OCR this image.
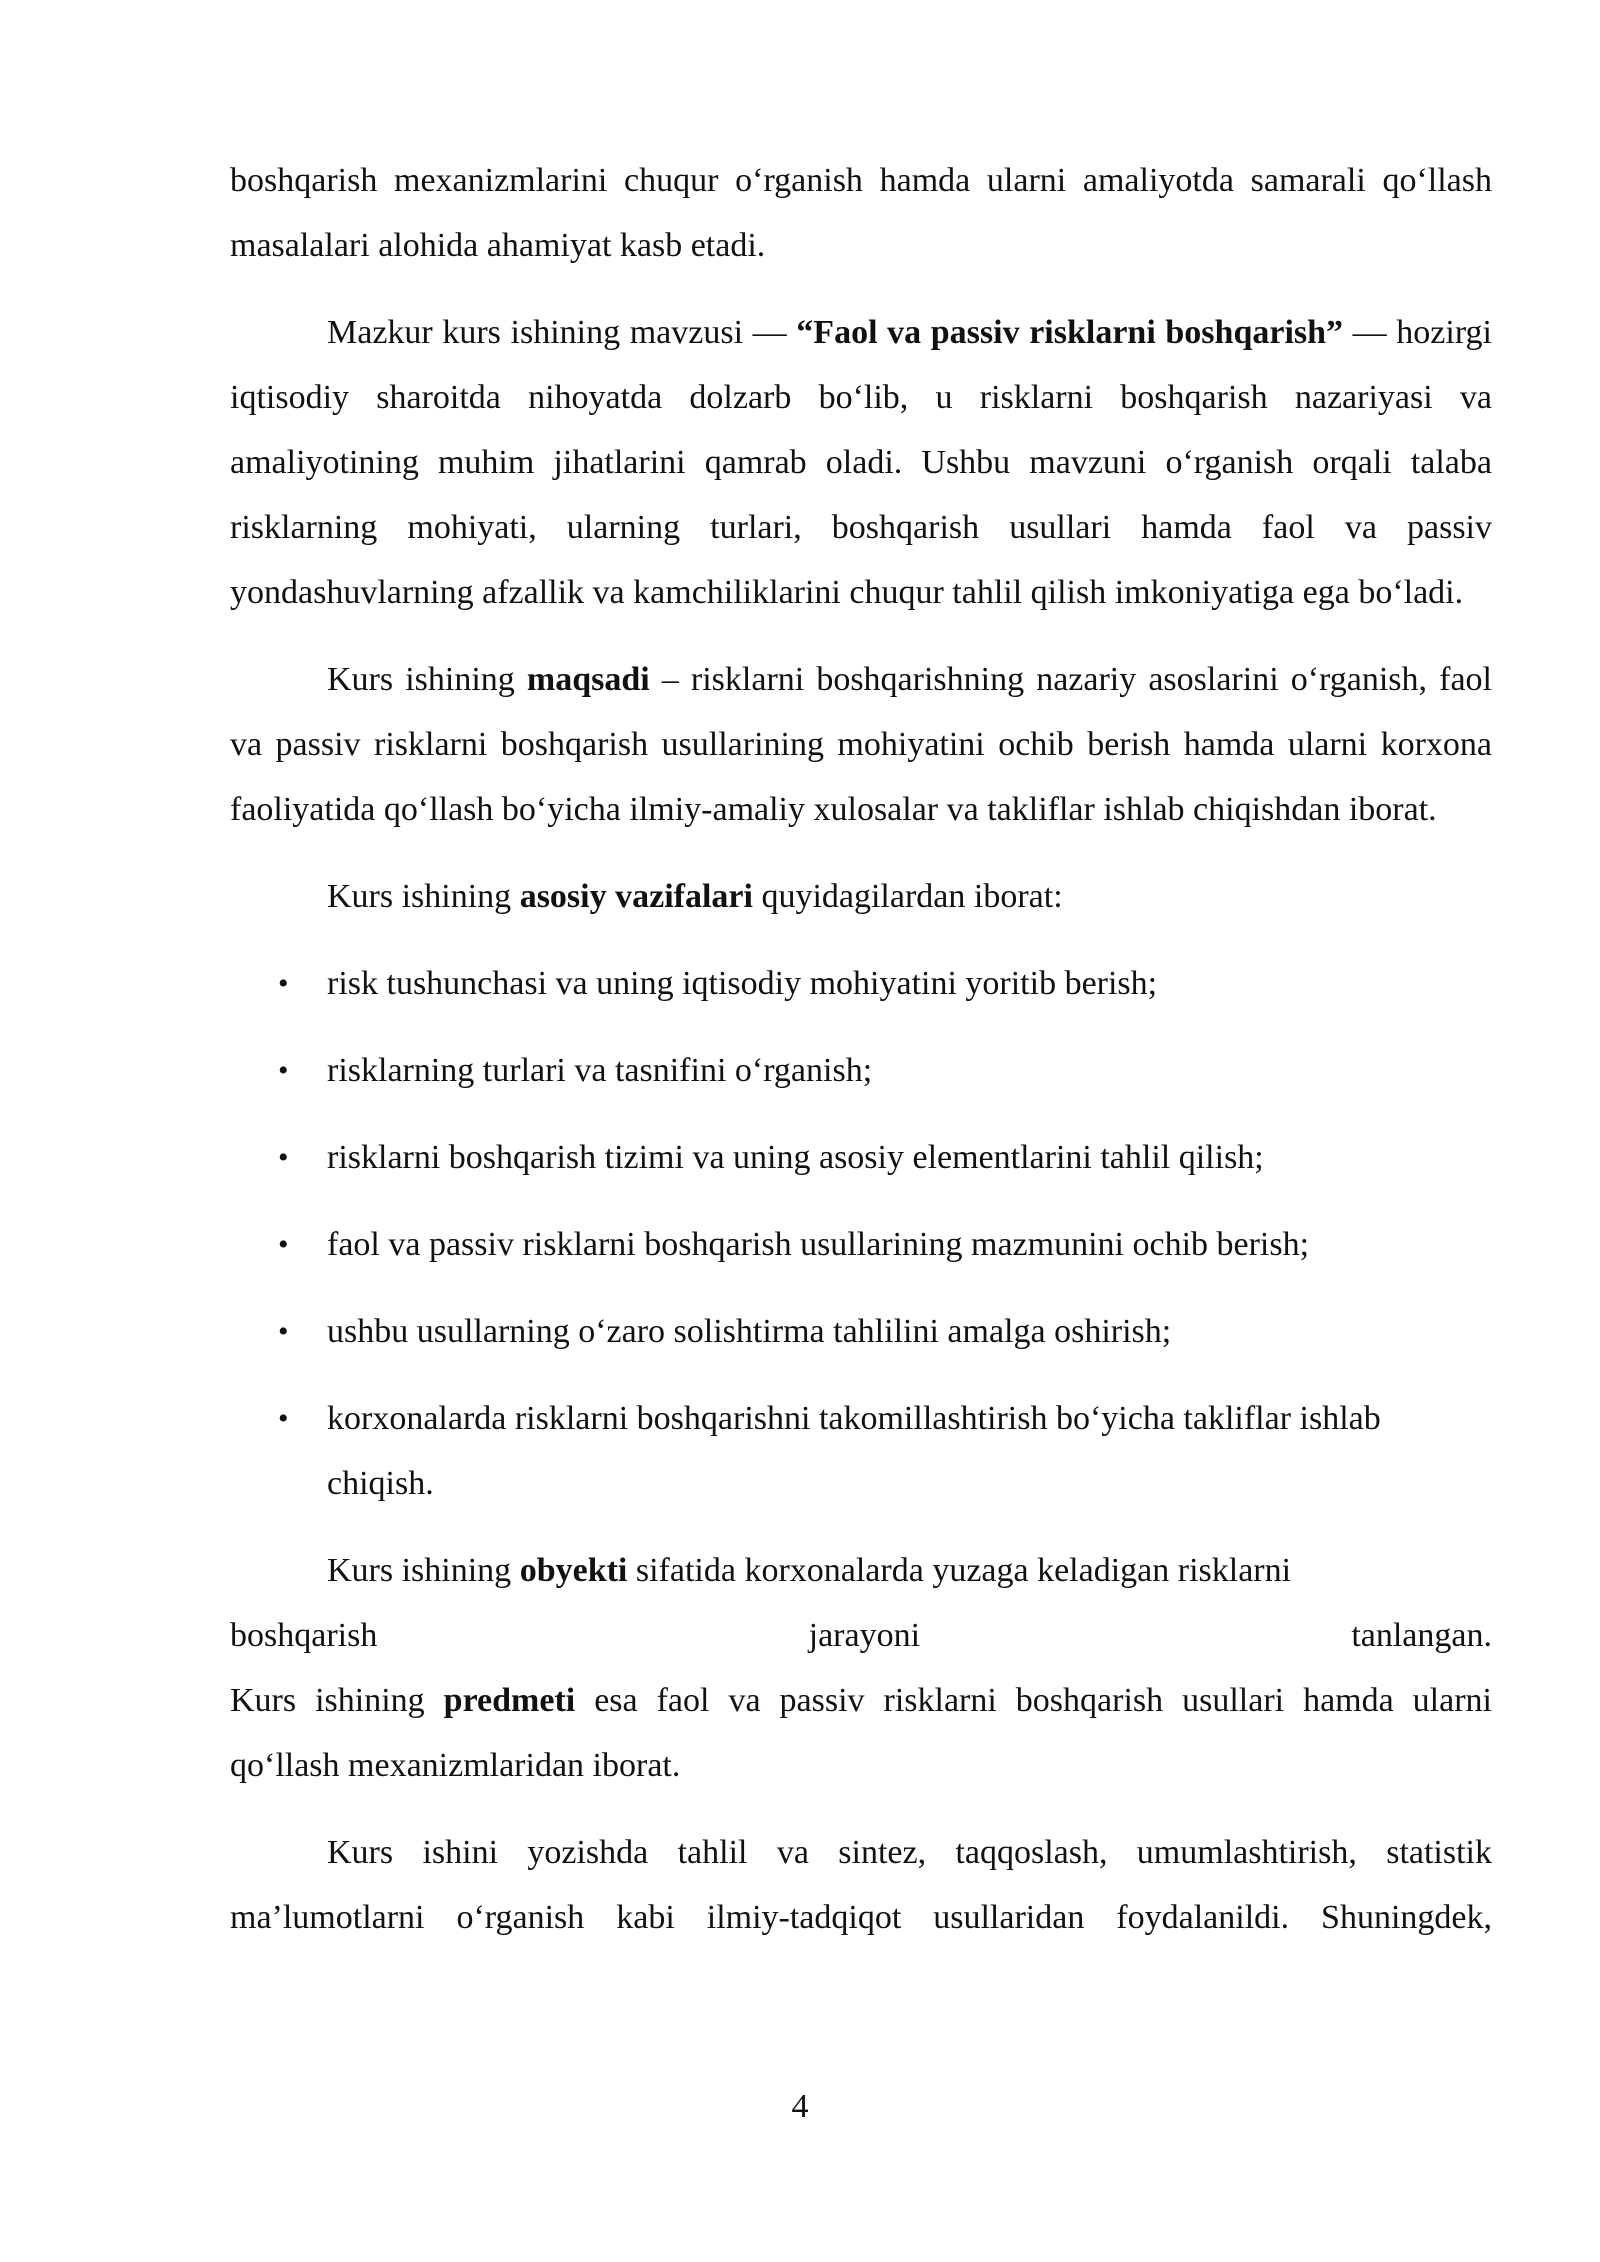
boshqarish mexanizmlarini chuqur o‘rganish hamda ularni amaliyotda samarali qo‘llash masalalari alohida ahamiyat kasb etadi.

Mazkur kurs ishining mavzusi — “Faol va passiv risklarni boshqarish” — hozirgi iqtisodiy sharoitda nihoyatda dolzarb bo‘lib, u risklarni boshqarish nazariyasi va amaliyotining muhim jihatlarini qamrab oladi. Ushbu mavzuni o‘rganish orqali talaba risklarning mohiyati, ularning turlari, boshqarish usullari hamda faol va passiv yondashuvlarning afzallik va kamchiliklarini chuqur tahlil qilish imkoniyatiga ega bo‘ladi.

Kurs ishining maqsadi – risklarni boshqarishning nazariy asoslarini o‘rganish, faol va passiv risklarni boshqarish usullarining mohiyatini ochib berish hamda ularni korxona faoliyatida qo‘llash bo‘yicha ilmiy-amaliy xulosalar va takliflar ishlab chiqishdan iborat.

Kurs ishining asosiy vazifalari quyidagilardan iborat:

• risk tushunchasi va uning iqtisodiy mohiyatini yoritib berish;
• risklarning turlari va tasnifini o‘rganish;
• risklarni boshqarish tizimi va uning asosiy elementlarini tahlil qilish;
• faol va passiv risklarni boshqarish usullarining mazmunini ochib berish;
• ushbu usullarning o‘zaro solishtirma tahlilini amalga oshirish;
• korxonalarda risklarni boshqarishni takomillashtirish bo‘yicha takliflar ishlab chiqish.

Kurs ishining obyekti sifatida korxonalarda yuzaga keladigan risklarni

boshqarish	jarayoni	tanlangan.

Kurs ishining predmeti esa faol va passiv risklarni boshqarish usullari hamda ularni qo‘llash mexanizmlaridan iborat.

Kurs ishini yozishda tahlil va sintez, taqqoslash, umumlashtirish, statistik ma’lumotlarni o‘rganish kabi ilmiy-tadqiqot usullaridan foydalanildi. Shuningdek,

4
